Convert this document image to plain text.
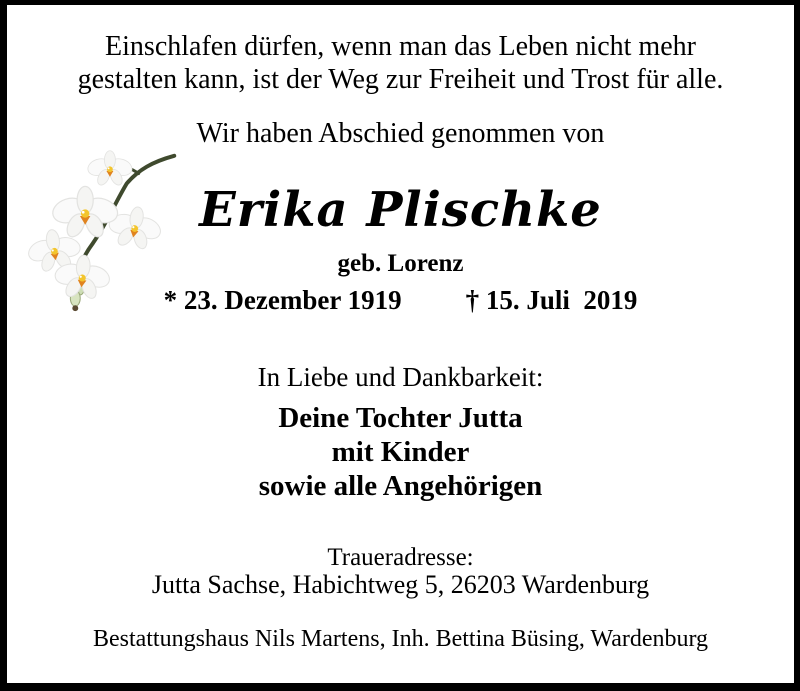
Einschlafen dürfen, wenn man das Leben nicht mehr
gestalten kann, ist der Weg zur Freiheit und Trost für alle.
Wir haben Abschied genommen von
Erika Plischke
geb. Lorenz
* 23. Dezember 1919 † 15. Juli  2019
In Liebe und Dankbarkeit:
Deine Tochter Jutta
mit Kinder
sowie alle Angehörigen
Traueradresse:
Jutta Sachse, Habichtweg 5, 26203 Wardenburg
Bestattungshaus Nils Martens, Inh. Bettina Büsing, Wardenburg
